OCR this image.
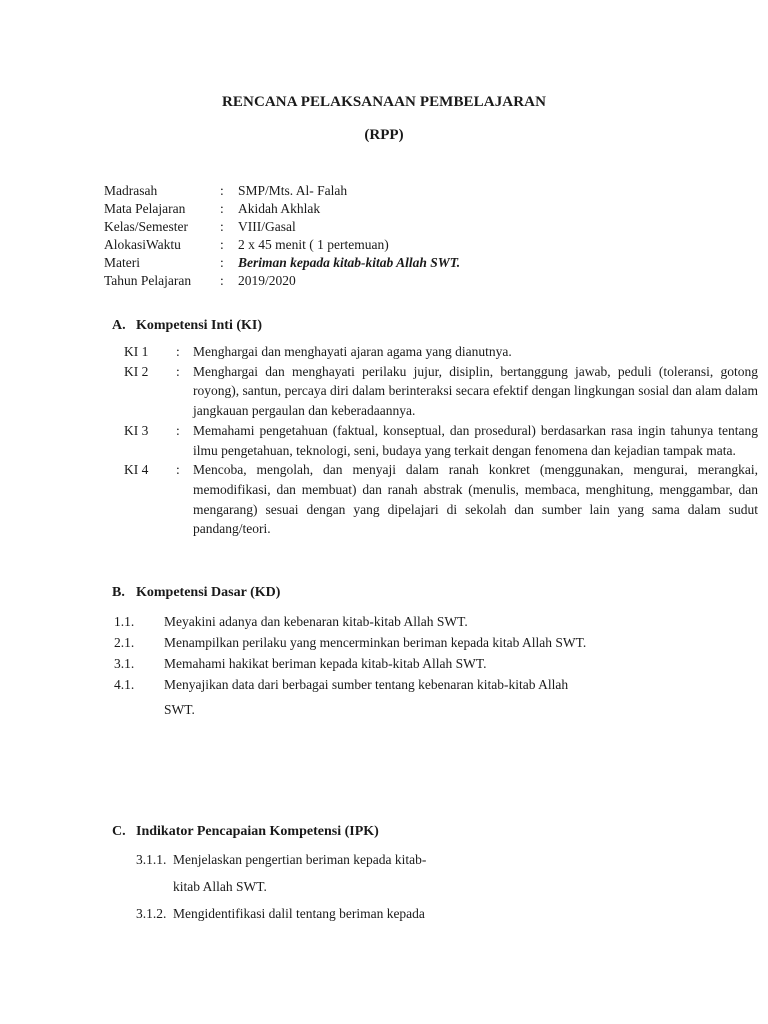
RENCANA PELAKSANAAN PEMBELAJARAN
(RPP)
Madrasah	:	SMP/Mts. Al- Falah
Mata Pelajaran	:	Akidah Akhlak
Kelas/Semester	:	VIII/Gasal
AlokasiWaktu	:	2 x 45 menit ( 1 pertemuan)
Materi	:	Beriman kepada kitab-kitab Allah SWT.
Tahun Pelajaran	:	2019/2020
A. Kompetensi Inti (KI)
KI 1	: Menghargai dan menghayati ajaran agama yang dianutnya.
KI 2	: Menghargai dan menghayati perilaku jujur, disiplin, bertanggung jawab, peduli (toleransi, gotong royong), santun, percaya diri dalam berinteraksi secara efektif dengan lingkungan sosial dan alam dalam jangkauan pergaulan dan keberadaannya.
KI 3	: Memahami pengetahuan (faktual, konseptual, dan prosedural) berdasarkan rasa ingin tahunya tentang ilmu pengetahuan, teknologi, seni, budaya yang terkait dengan fenomena dan kejadian tampak mata.
KI 4	: Mencoba, mengolah, dan menyaji dalam ranah konkret (menggunakan, mengurai, merangkai, memodifikasi, dan membuat) dan ranah abstrak (menulis, membaca, menghitung, menggambar, dan mengarang) sesuai dengan yang dipelajari di sekolah dan sumber lain yang sama dalam sudut pandang/teori.
B. Kompetensi Dasar (KD)
1.1.	Meyakini adanya dan kebenaran kitab-kitab Allah SWT.
2.1.	Menampilkan perilaku yang mencerminkan beriman kepada kitab Allah SWT.
3.1.	Memahami hakikat beriman kepada kitab-kitab Allah SWT.
4.1.	Menyajikan data dari berbagai sumber tentang kebenaran kitab-kitab Allah
SWT.
C. Indikator Pencapaian Kompetensi (IPK)
3.1.1. Menjelaskan pengertian beriman kepada kitab-
kitab Allah SWT.
3.1.2. Mengidentifikasi dalil tentang beriman kepada
